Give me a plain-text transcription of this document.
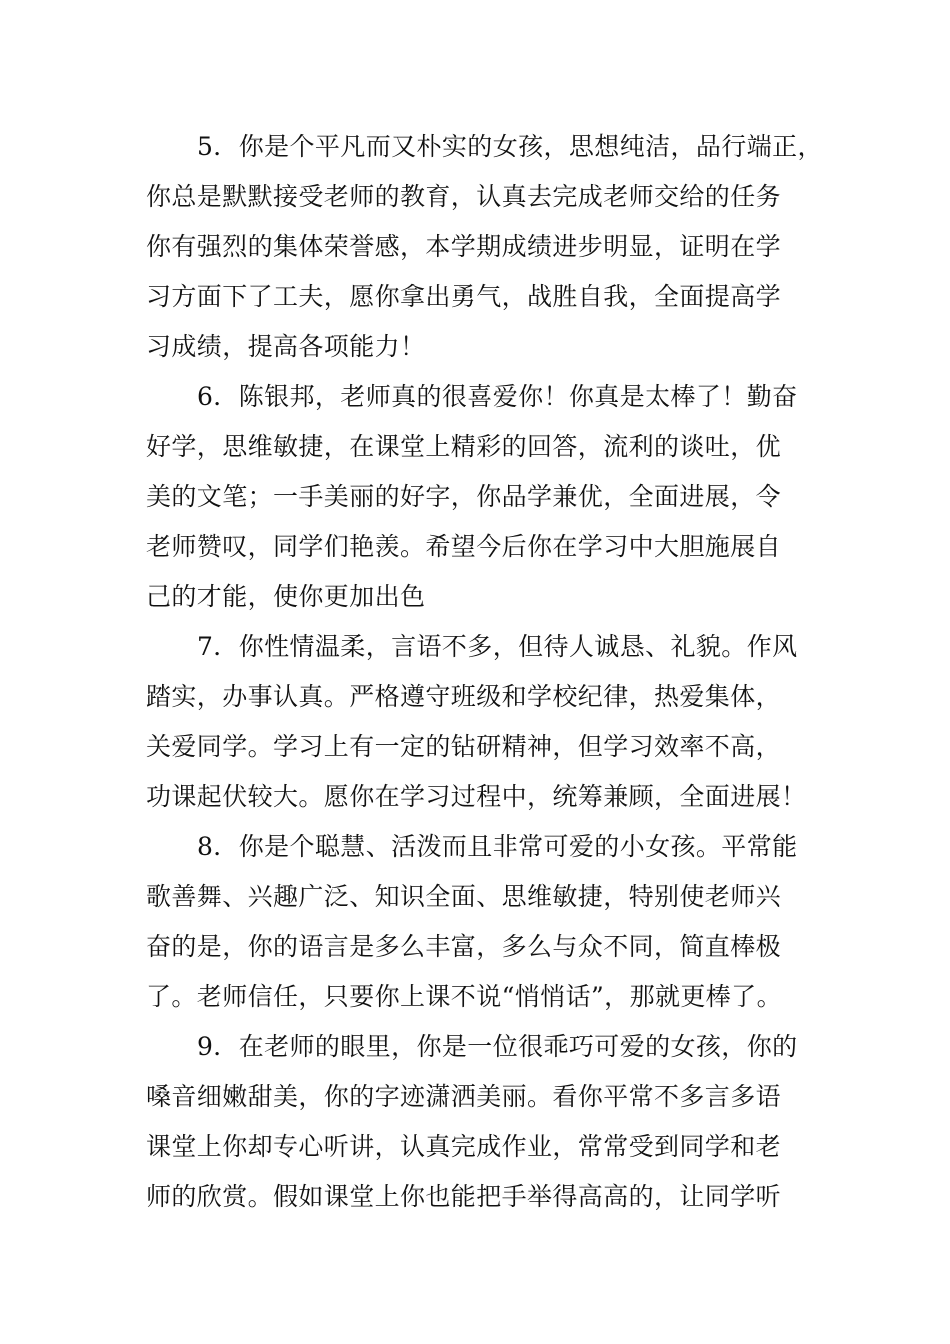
5．你是个平凡而又朴实的女孩，思想纯洁，品行端正，
你总是默默接受老师的教育，认真去完成老师交给的任务
你有强烈的集体荣誉感，本学期成绩进步明显，证明在学
习方面下了工夫，愿你拿出勇气，战胜自我，全面提高学
习成绩，提高各项能力！
6．陈银邦，老师真的很喜爱你！你真是太棒了！勤奋
好学，思维敏捷，在课堂上精彩的回答，流利的谈吐，优
美的文笔；一手美丽的好字，你品学兼优，全面进展，令
老师赞叹，同学们艳羡。希望今后你在学习中大胆施展自
己的才能，使你更加出色
7．你性情温柔，言语不多，但待人诚恳、礼貌。作风
踏实，办事认真。严格遵守班级和学校纪律，热爱集体，
关爱同学。学习上有一定的钻研精神，但学习效率不高，
功课起伏较大。愿你在学习过程中，统筹兼顾，全面进展！
8．你是个聪慧、活泼而且非常可爱的小女孩。平常能
歌善舞、兴趣广泛、知识全面、思维敏捷，特别使老师兴
奋的是，你的语言是多么丰富，多么与众不同，简直棒极
了。老师信任，只要你上课不说“悄悄话”，那就更棒了。
9．在老师的眼里，你是一位很乖巧可爱的女孩，你的
嗓音细嫩甜美，你的字迹潇洒美丽。看你平常不多言多语
课堂上你却专心听讲，认真完成作业，常常受到同学和老
师的欣赏。假如课堂上你也能把手举得高高的，让同学听
